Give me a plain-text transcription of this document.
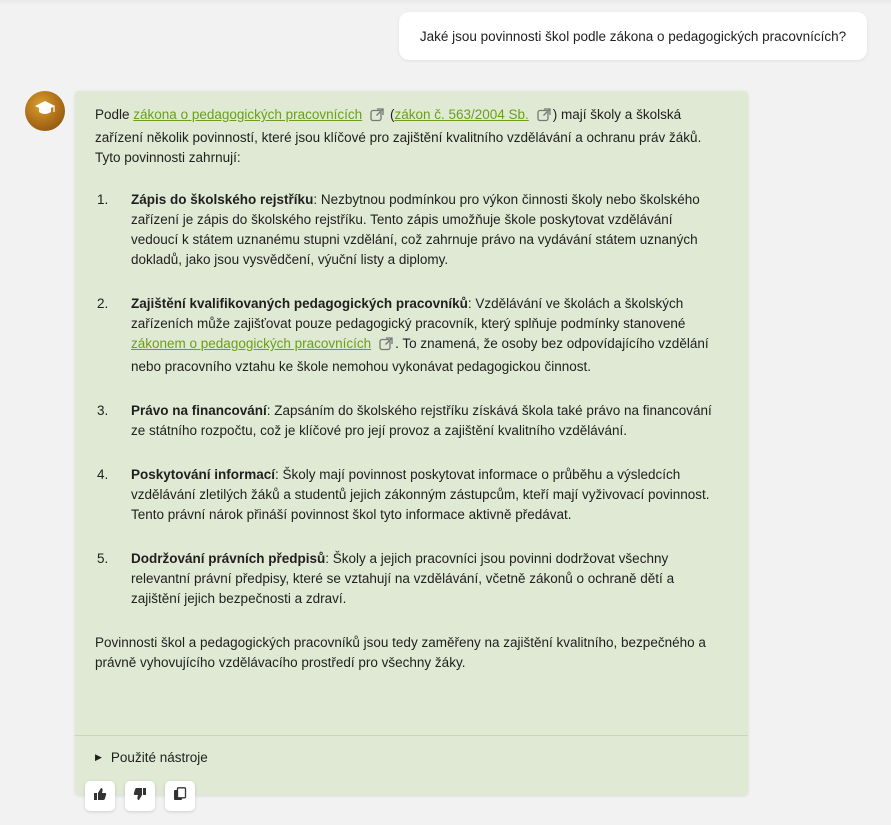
Jaké jsou povinnosti škol podle zákona o pedagogických pracovnících?

Podle zákona o pedagogických pracovnících (zákon č. 563/2004 Sb. ) mají školy a školská zařízení několik povinností, které jsou klíčové pro zajištění kvalitního vzdělávání a ochranu práv žáků. Tyto povinnosti zahrnují:

1. Zápis do školského rejstříku: Nezbytnou podmínkou pro výkon činnosti školy nebo školského zařízení je zápis do školského rejstříku. Tento zápis umožňuje škole poskytovat vzdělávání vedoucí k státem uznanému stupni vzdělání, což zahrnuje právo na vydávání státem uznaných dokladů, jako jsou vysvědčení, výuční listy a diplomy.
2. Zajištění kvalifikovaných pedagogických pracovníků: Vzdělávání ve školách a školských zařízeních může zajišťovat pouze pedagogický pracovník, který splňuje podmínky stanovené zákonem o pedagogických pracovnících . To znamená, že osoby bez odpovídajícího vzdělání nebo pracovního vztahu ke škole nemohou vykonávat pedagogickou činnost.
3. Právo na financování: Zapsáním do školského rejstříku získává škola také právo na financování ze státního rozpočtu, což je klíčové pro její provoz a zajištění kvalitního vzdělávání.
4. Poskytování informací: Školy mají povinnost poskytovat informace o průběhu a výsledcích vzdělávání zletilých žáků a studentů jejich zákonným zástupcům, kteří mají vyživovací povinnost. Tento právní nárok přináší povinnost škol tyto informace aktivně předávat.
5. Dodržování právních předpisů: Školy a jejich pracovníci jsou povinni dodržovat všechny relevantní právní předpisy, které se vztahují na vzdělávání, včetně zákonů o ochraně dětí a zajištění jejich bezpečnosti a zdraví.

Povinnosti škol a pedagogických pracovníků jsou tedy zaměřeny na zajištění kvalitního, bezpečného a právně vyhovujícího vzdělávacího prostředí pro všechny žáky.

▶ Použité nástroje
